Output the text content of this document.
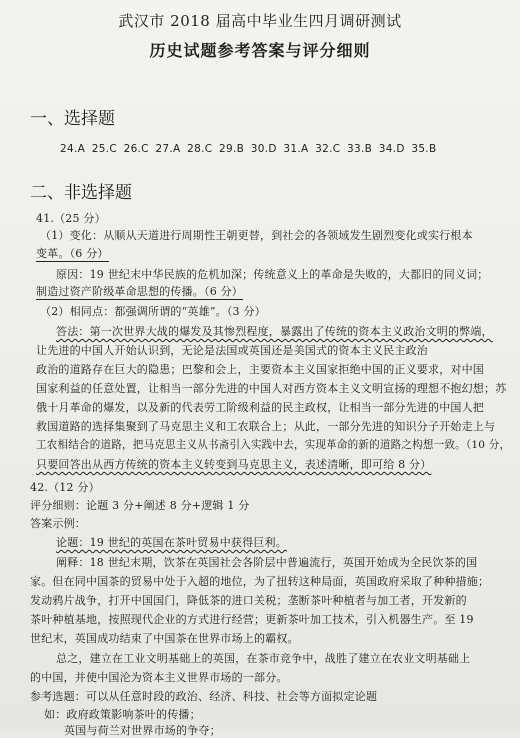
武汉市 2018 届高中毕业生四月调研测试
历史试题参考答案与评分细则
一、选择题
24.A 25.C 26.C 27.A 28.C 29.B 30.D 31.A 32.C 33.B 34.D 35.B
二、非选择题
41.（25 分）
（1）变化：从顺从天道进行周期性王朝更替，到社会的各领域发生剧烈变化或实行根本
变革。（6 分）
原因：19 世纪末中华民族的危机加深；传统意义上的革命是失败的，大都旧的同义词；
制造过资产阶级革命思想的传播。（6 分）
（2）相同点：都强调所谓的“英雄”。（3 分）
答法：第一次世界大战的爆发及其惨烈程度，暴露出了传统的资本主义政治文明的弊端，
让先进的中国人开始认识到，无论是法国或英国还是美国式的资本主义民主政治
政治的道路存在巨大的隐患；巴黎和会上，主要资本主义国家拒绝中国的正义要求，对中国
国家利益的任意处置，让相当一部分先进的中国人对西方资本主义文明宣扬的理想不抱幻想；苏
俄十月革命的爆发，以及新的代表劳工阶级利益的民主政权，让相当一部分先进的中国人把
救国道路的选择集聚到了马克思主义和工农联合上；从此，一部分先进的知识分子开始走上与
工农相结合的道路，把马克思主义从书斋引入实践中去，实现革命的新的道路之构想一致。（10 分，
只要回答出从西方传统的资本主义转变到马克思主义，表述清晰，即可给 8 分）
42.（12 分）
评分细则：论题 3 分+阐述 8 分+逻辑 1 分
答案示例：
论题：19 世纪的英国在茶叶贸易中获得巨利。
阐释：18 世纪末期，饮茶在英国社会各阶层中普遍流行，英国开始成为全民饮茶的国
家。但在同中国茶的贸易中处于入超的地位，为了扭转这种局面，英国政府采取了种种措施；
发动鸦片战争，打开中国国门，降低茶的进口关税；垄断茶叶种植者与加工者，开发新的
茶叶种植基地，按照现代企业的方式进行经营；更新茶叶加工技术，引入机器生产。至 19
世纪末，英国成功结束了中国茶在世界市场上的霸权。
总之，建立在工业文明基础上的英国，在茶市竞争中，战胜了建立在农业文明基础上
的中国，并使中国沦为资本主义世界市场的一部分。
参考选题：可以从任意时段的政治、经济、科技、社会等方面拟定论题
如：政府政策影响茶叶的传播；
英国与荷兰对世界市场的争夺；
